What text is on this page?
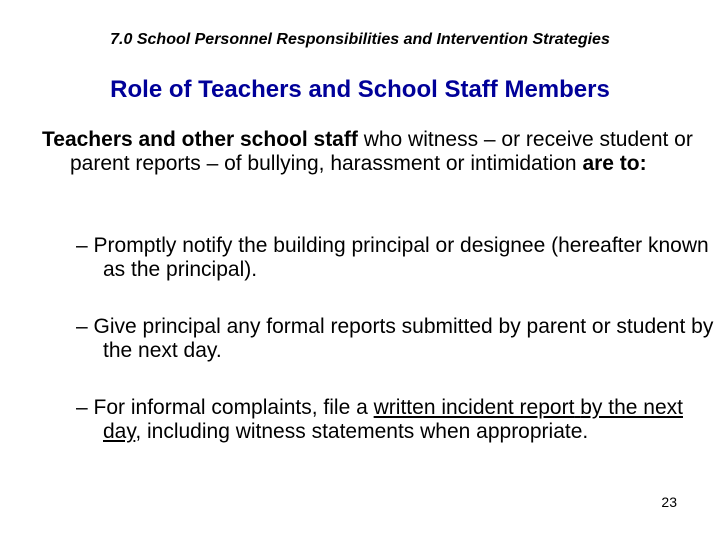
7.0 School Personnel Responsibilities and Intervention Strategies
Role of Teachers and School Staff Members
Teachers and other school staff who witness – or receive student or parent reports – of bullying, harassment or intimidation are to:
– Promptly notify the building principal or designee (hereafter known as the principal).
– Give principal any formal reports submitted by parent or student by the next day.
– For informal complaints, file a written incident report by the next day, including witness statements when appropriate.
23
